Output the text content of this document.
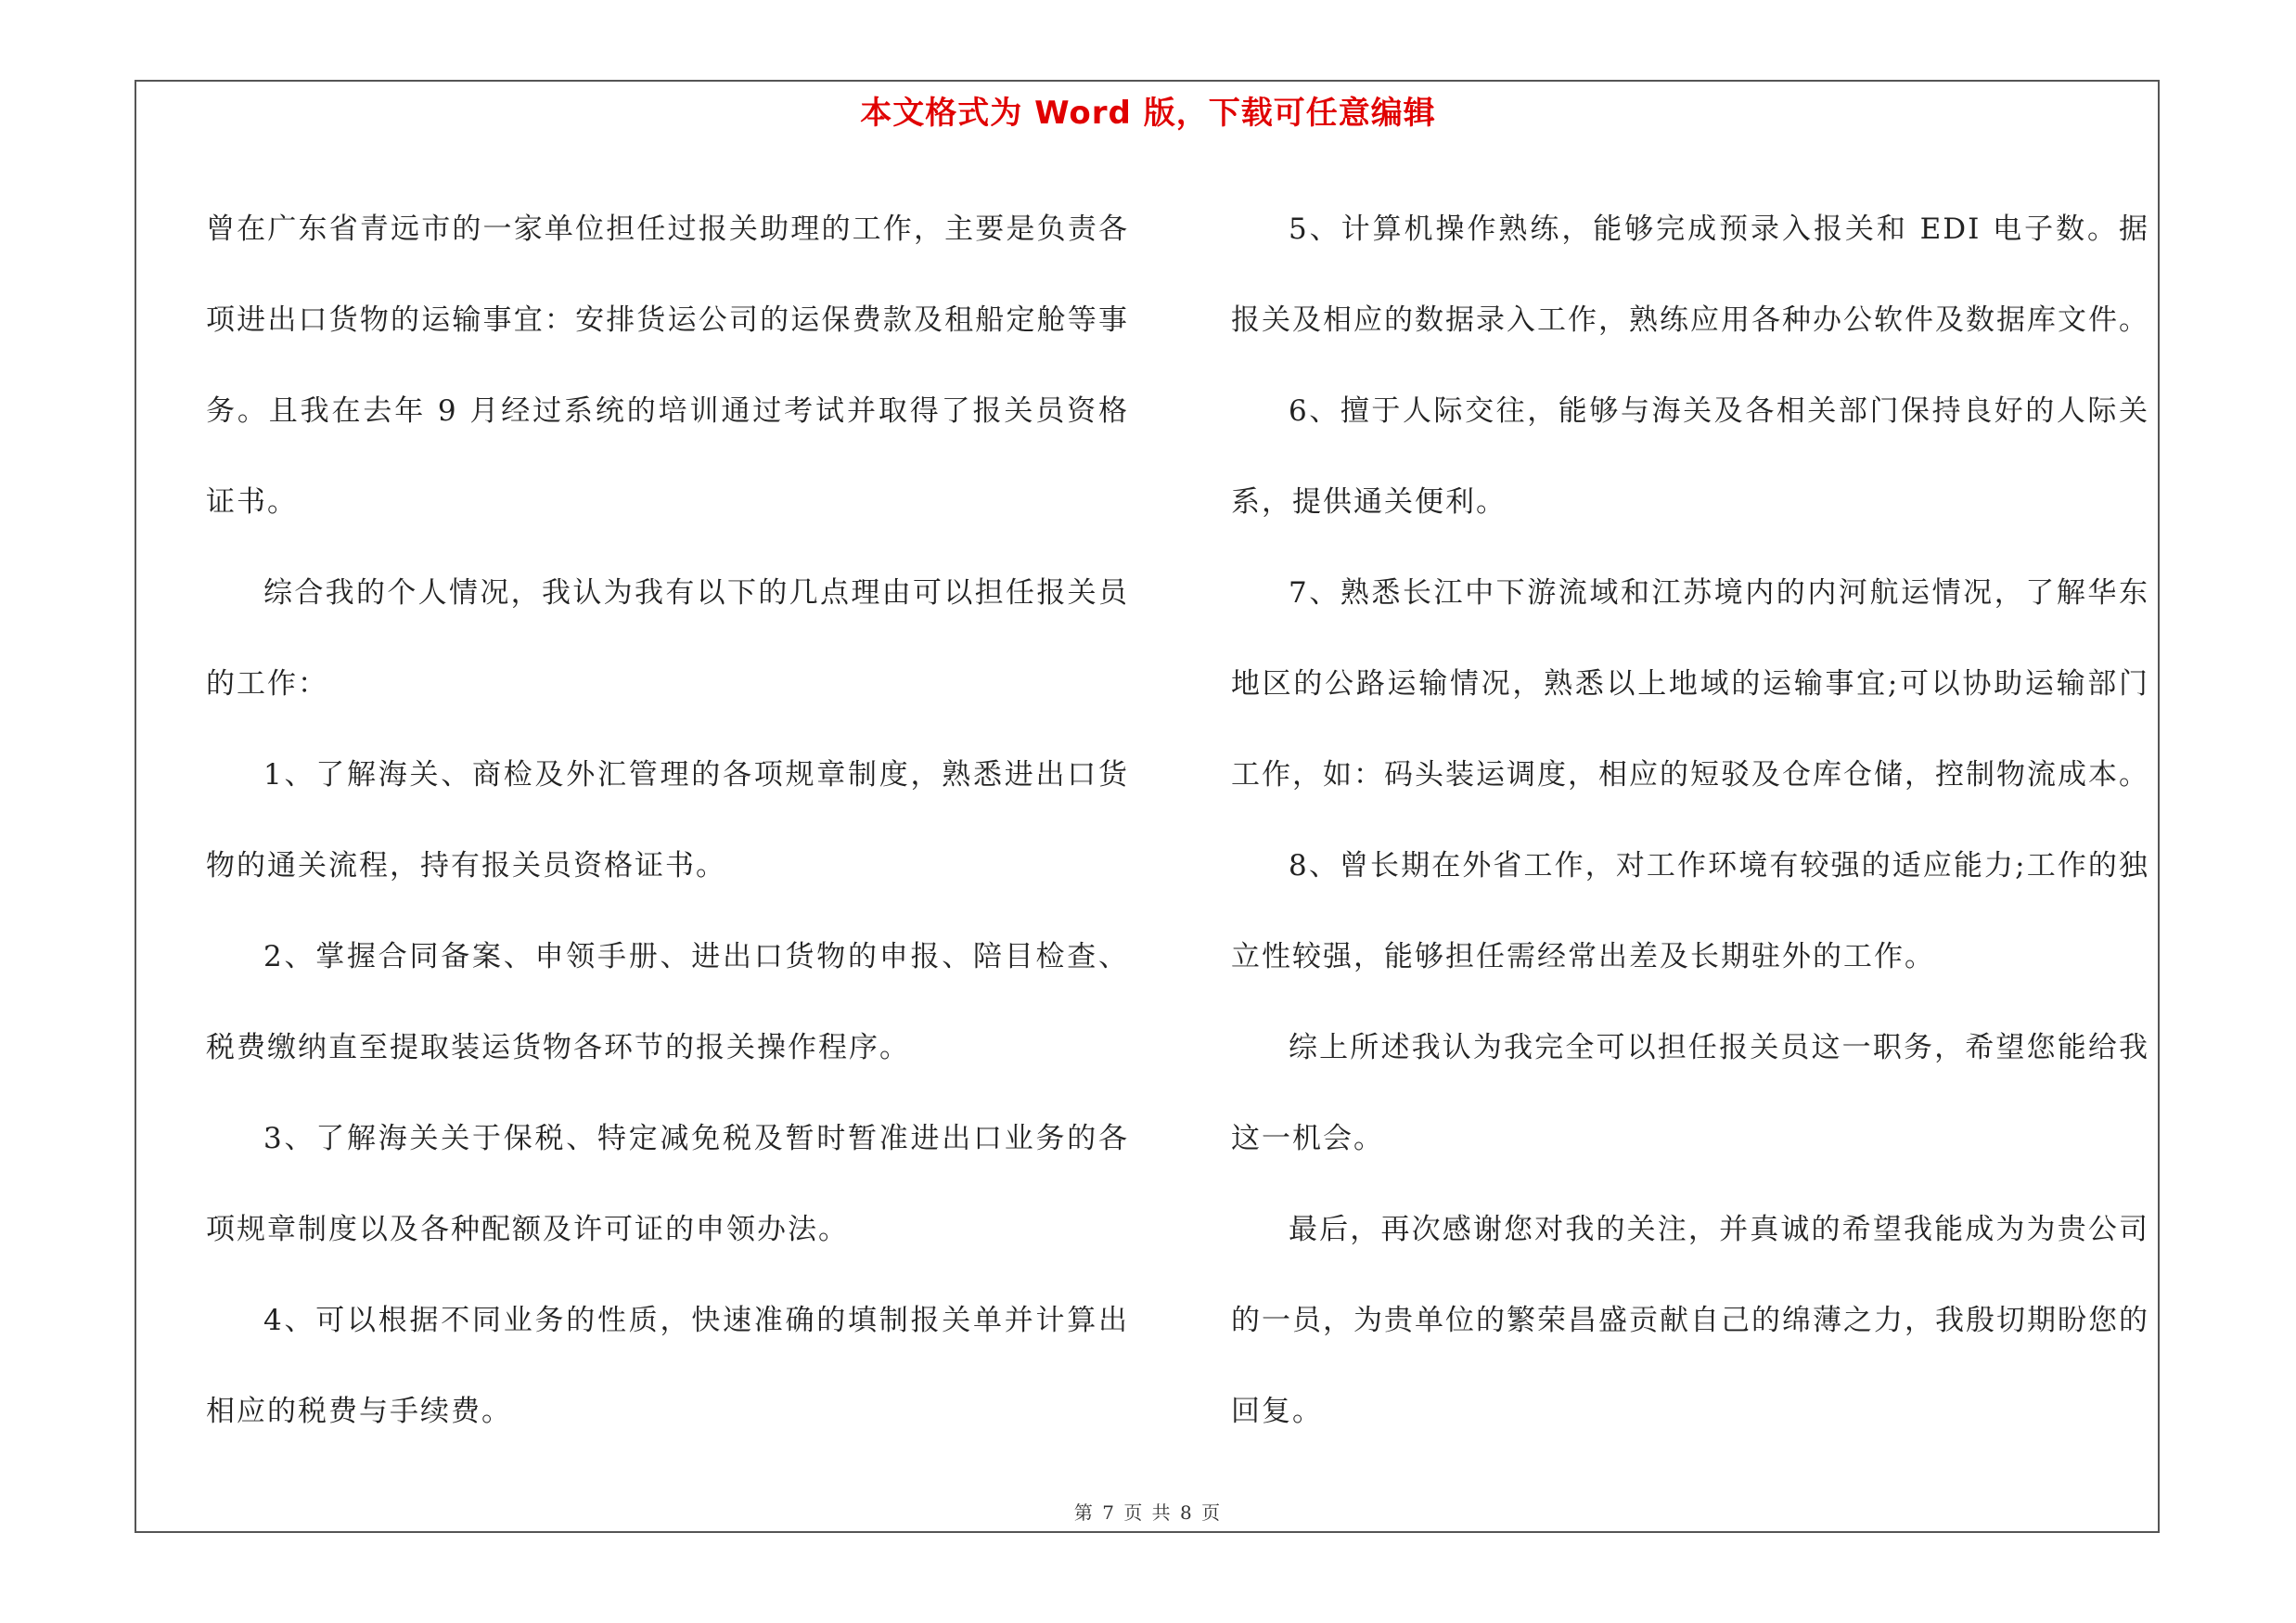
本文格式为 Word 版，下载可任意编辑

曾在广东省青远市的一家单位担任过报关助理的工作，主要是负责各项进出口货物的运输事宜：安排货运公司的运保费款及租船定舱等事务。且我在去年 9 月经过系统的培训通过考试并取得了报关员资格证书。

综合我的个人情况，我认为我有以下的几点理由可以担任报关员的工作：

1、了解海关、商检及外汇管理的各项规章制度，熟悉进出口货物的通关流程，持有报关员资格证书。

2、掌握合同备案、申领手册、进出口货物的申报、陪目检查、税费缴纳直至提取装运货物各环节的报关操作程序。

3、了解海关关于保税、特定减免税及暂时暂准进出口业务的各项规章制度以及各种配额及许可证的申领办法。

4、可以根据不同业务的性质，快速准确的填制报关单并计算出相应的税费与手续费。

5、计算机操作熟练，能够完成预录入报关和 EDI 电子数。据报关及相应的数据录入工作，熟练应用各种办公软件及数据库文件。

6、擅于人际交往，能够与海关及各相关部门保持良好的人际关系，提供通关便利。

7、熟悉长江中下游流域和江苏境内的内河航运情况，了解华东地区的公路运输情况，熟悉以上地域的运输事宜;可以协助运输部门工作，如：码头装运调度，相应的短驳及仓库仓储，控制物流成本。

8、曾长期在外省工作，对工作环境有较强的适应能力;工作的独立性较强，能够担任需经常出差及长期驻外的工作。

综上所述我认为我完全可以担任报关员这一职务，希望您能给我这一机会。

最后，再次感谢您对我的关注，并真诚的希望我能成为为贵公司的一员，为贵单位的繁荣昌盛贡献自己的绵薄之力，我殷切期盼您的回复。

第 7 页 共 8 页
